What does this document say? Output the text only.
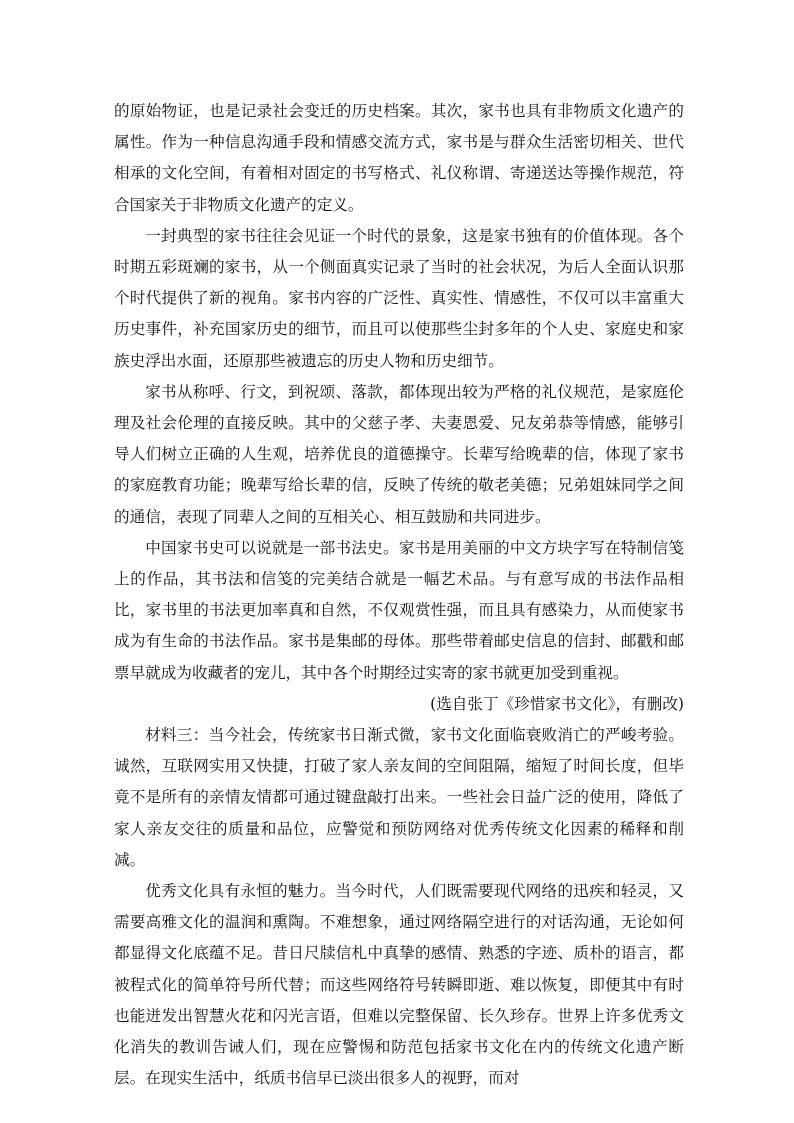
的原始物证，也是记录社会变迁的历史档案。其次，家书也具有非物质文化遗产的属性。作为一种信息沟通手段和情感交流方式，家书是与群众生活密切相关、世代相承的文化空间，有着相对固定的书写格式、礼仪称谓、寄递送达等操作规范，符合国家关于非物质文化遗产的定义。

一封典型的家书往往会见证一个时代的景象，这是家书独有的价值体现。各个时期五彩斑斓的家书，从一个侧面真实记录了当时的社会状况，为后人全面认识那个时代提供了新的视角。家书内容的广泛性、真实性、情感性，不仅可以丰富重大历史事件，补充国家历史的细节，而且可以使那些尘封多年的个人史、家庭史和家族史浮出水面，还原那些被遗忘的历史人物和历史细节。

家书从称呼、行文，到祝颂、落款，都体现出较为严格的礼仪规范，是家庭伦理及社会伦理的直接反映。其中的父慈子孝、夫妻恩爱、兄友弟恭等情感，能够引导人们树立正确的人生观，培养优良的道德操守。长辈写给晚辈的信，体现了家书的家庭教育功能；晚辈写给长辈的信，反映了传统的敬老美德；兄弟姐妹同学之间的通信，表现了同辈人之间的互相关心、相互鼓励和共同进步。

中国家书史可以说就是一部书法史。家书是用美丽的中文方块字写在特制信笺上的作品，其书法和信笺的完美结合就是一幅艺术品。与有意写成的书法作品相比，家书里的书法更加率真和自然，不仅观赏性强，而且具有感染力，从而使家书成为有生命的书法作品。家书是集邮的母体。那些带着邮史信息的信封、邮戳和邮票早就成为收藏者的宠儿，其中各个时期经过实寄的家书就更加受到重视。

(选自张丁《珍惜家书文化》，有删改)

材料三：当今社会，传统家书日渐式微，家书文化面临衰败消亡的严峻考验。诚然，互联网实用又快捷，打破了家人亲友间的空间阻隔，缩短了时间长度，但毕竟不是所有的亲情友情都可通过键盘敲打出来。一些社会日益广泛的使用，降低了家人亲友交往的质量和品位，应警觉和预防网络对优秀传统文化因素的稀释和削减。

优秀文化具有永恒的魅力。当今时代，人们既需要现代网络的迅疾和轻灵，又需要高雅文化的温润和熏陶。不难想象，通过网络隔空进行的对话沟通，无论如何都显得文化底蕴不足。昔日尺牍信札中真挚的感情、熟悉的字迹、质朴的语言，都被程式化的简单符号所代替；而这些网络符号转瞬即逝、难以恢复，即便其中有时也能迸发出智慧火花和闪光言语，但难以完整保留、长久珍存。世界上许多优秀文化消失的教训告诫人们，现在应警惕和防范包括家书文化在内的传统文化遗产断层。在现实生活中，纸质书信早已淡出很多人的视野，而对
